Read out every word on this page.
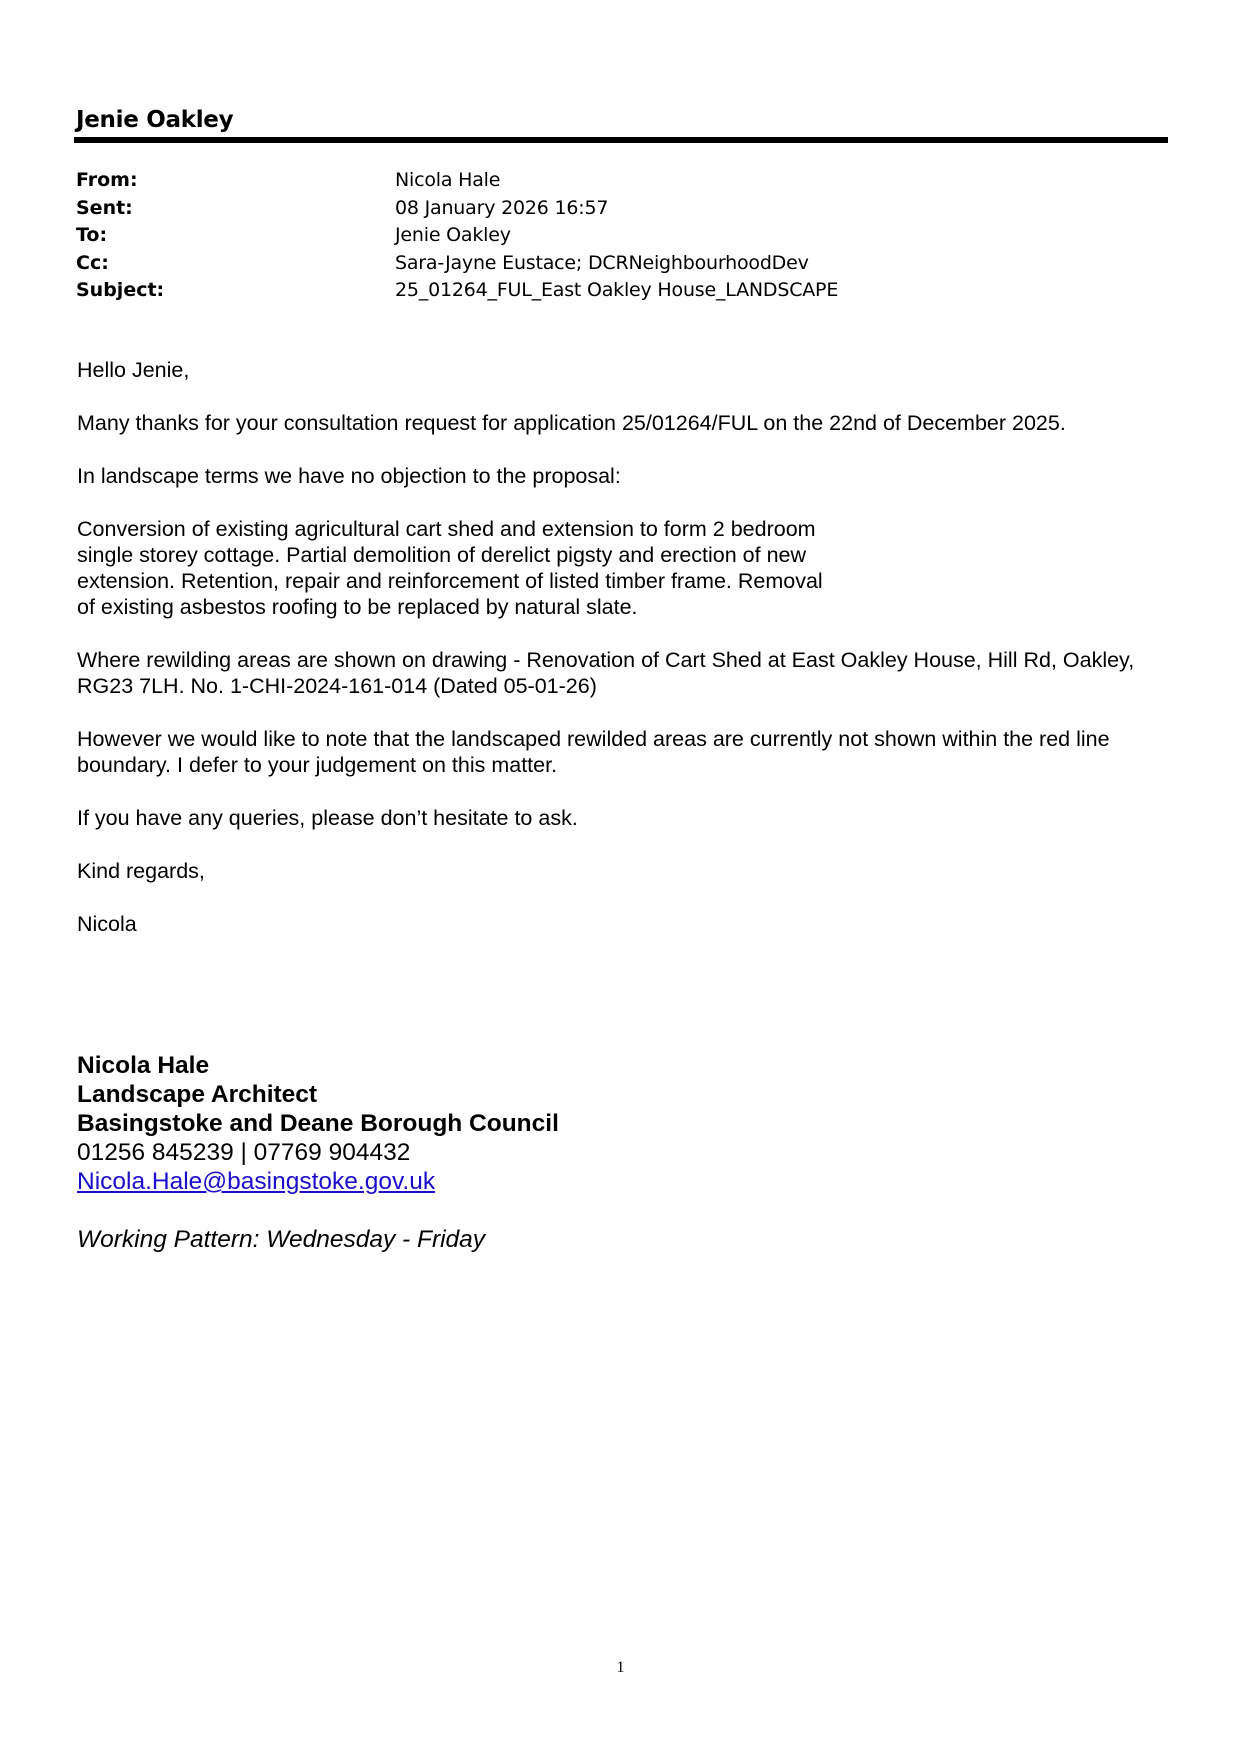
Jenie Oakley
From:	Nicola Hale
Sent:	08 January 2026 16:57
To:	Jenie Oakley
Cc:	Sara-Jayne Eustace; DCRNeighbourhoodDev
Subject:	25_01264_FUL_East Oakley House_LANDSCAPE

Hello Jenie,

Many thanks for your consultation request for application 25/01264/FUL on the 22nd of December 2025.

In landscape terms we have no objection to the proposal:

Conversion of existing agricultural cart shed and extension to form 2 bedroom single storey cottage. Partial demolition of derelict pigsty and erection of new extension. Retention, repair and reinforcement of listed timber frame. Removal of existing asbestos roofing to be replaced by natural slate.

Where rewilding areas are shown on drawing - Renovation of Cart Shed at East Oakley House, Hill Rd, Oakley, RG23 7LH. No. 1-CHI-2024-161-014 (Dated 05-01-26)

However we would like to note that the landscaped rewilded areas are currently not shown within the red line boundary. I defer to your judgement on this matter.

If you have any queries, please don’t hesitate to ask.

Kind regards,

Nicola

Nicola Hale
Landscape Architect
Basingstoke and Deane Borough Council
01256 845239 | 07769 904432
Nicola.Hale@basingstoke.gov.uk
Working Pattern: Wednesday - Friday
1
